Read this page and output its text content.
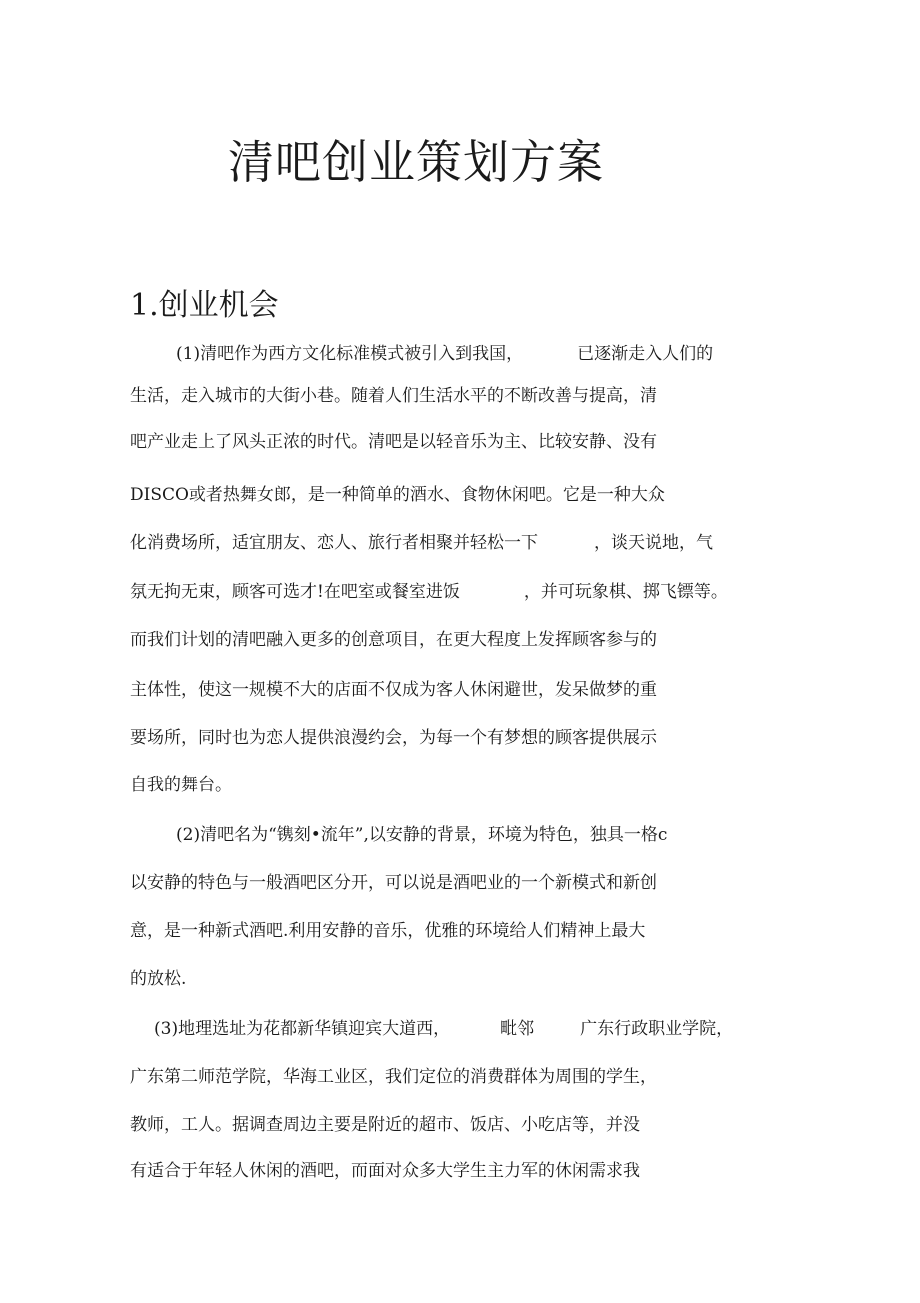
清吧创业策划方案
1.创业机会
(1)清吧作为西方文化标准模式被引入到我国，	已逐渐走入人们的
生活，走入城市的大街小巷。随着人们生活水平的不断改善与提高，清
吧产业走上了风头正浓的时代。清吧是以轻音乐为主、比较安静、没有
DISCO或者热舞女郎，是一种简单的酒水、食物休闲吧。它是一种大众
化消费场所，适宜朋友、恋人、旅行者相聚并轻松一下	，谈天说地，气
氛无拘无束，顾客可选才!在吧室或餐室进饭	，并可玩象棋、掷飞镖等。
而我们计划的清吧融入更多的创意项目，在更大程度上发挥顾客参与的
主体性，使这一规模不大的店面不仅成为客人休闲避世，发呆做梦的重
要场所，同时也为恋人提供浪漫约会，为每一个有梦想的顾客提供展示
自我的舞台。
(2)清吧名为“镌刻•流年”,以安静的背景，环境为特色，独具一格c
以安静的特色与一般酒吧区分开，可以说是酒吧业的一个新模式和新创
意，是一种新式酒吧.利用安静的音乐，优雅的环境给人们精神上最大
的放松.
(3)地理选址为花都新华镇迎宾大道西，	毗邻	广东行政职业学院，
广东第二师范学院，华海工业区，我们定位的消费群体为周围的学生，
教师，工人。据调查周边主要是附近的超市、饭店、小吃店等，并没
有适合于年轻人休闲的酒吧，而面对众多大学生主力军的休闲需求我
